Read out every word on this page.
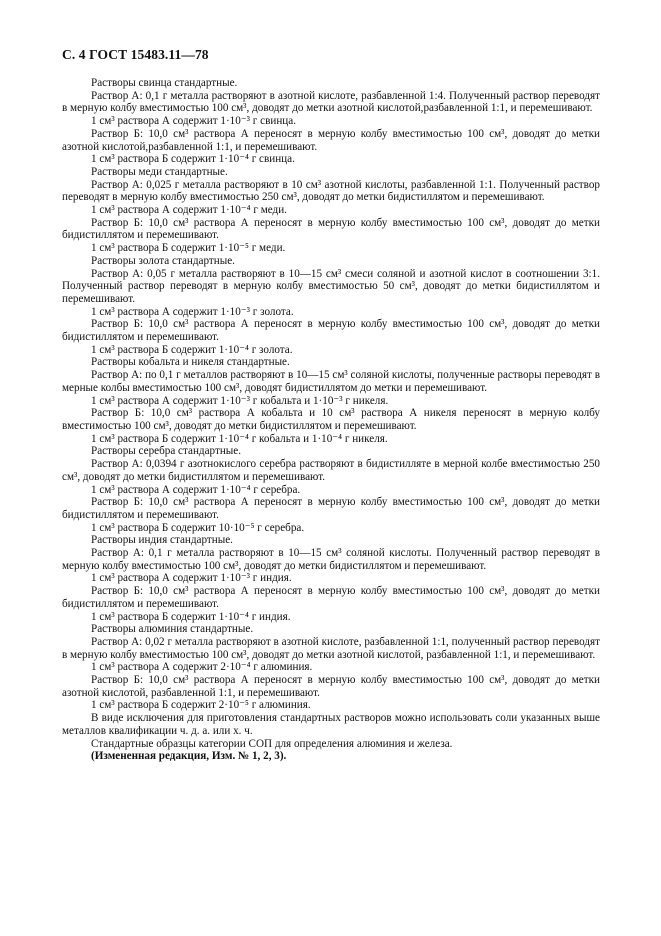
С. 4 ГОСТ 15483.11—78

Растворы свинца стандартные.

Раствор А: 0,1 г металла растворяют в азотной кислоте, разбавленной 1:4. Полученный раствор переводят в мерную колбу вместимостью 100 см³, доводят до метки азотной кислотой,разбавленной 1:1, и перемешивают.

1 см³ раствора А содержит 1·10⁻³ г свинца.

Раствор Б: 10,0 см³ раствора А переносят в мерную колбу вместимостью 100 см³, доводят до метки азотной кислотой,разбавленной 1:1, и перемешивают.

1 см³ раствора Б содержит 1·10⁻⁴ г свинца.

Растворы меди стандартные.

Раствор А: 0,025 г металла растворяют в 10 см³ азотной кислоты, разбавленной 1:1. Полученный раствор переводят в мерную колбу вместимостью 250 см³, доводят до метки бидистиллятом и перемешивают.

1 см³ раствора А содержит 1·10⁻⁴ г меди.

Раствор Б: 10,0 см³ раствора А переносят в мерную колбу вместимостью 100 см³, доводят до метки бидистиллятом и перемешивают.

1 см³ раствора Б содержит 1·10⁻⁵ г меди.

Растворы золота стандартные.

Раствор А: 0,05 г металла растворяют в 10—15 см³ смеси соляной и азотной кислот в соотношении 3:1. Полученный раствор переводят в мерную колбу вместимостью 50 см³, доводят до метки бидистиллятом и перемешивают.

1 см³ раствора А содержит 1·10⁻³ г золота.

Раствор Б: 10,0 см³ раствора А переносят в мерную колбу вместимостью 100 см³, доводят до метки бидистиллятом и перемешивают.

1 см³ раствора Б содержит 1·10⁻⁴ г золота.

Растворы кобальта и никеля стандартные.

Раствор А: по 0,1 г металлов растворяют в 10—15 см³ соляной кислоты, полученные растворы переводят в мерные колбы вместимостью 100 см³, доводят бидистиллятом до метки и перемешивают.

1 см³ раствора А содержит 1·10⁻³ г кобальта и 1·10⁻³ г никеля.

Раствор Б: 10,0 см³ раствора А кобальта и 10 см³ раствора А никеля переносят в мерную колбу вместимостью 100 см³, доводят до метки бидистиллятом и перемешивают.

1 см³ раствора Б содержит 1·10⁻⁴ г кобальта и 1·10⁻⁴ г никеля.

Растворы серебра стандартные.

Раствор А: 0,0394 г азотнокислого серебра растворяют в бидистилляте в мерной колбе вместимостью 250 см³, доводят до метки бидистиллятом и перемешивают.

1 см³ раствора А содержит 1·10⁻⁴ г серебра.

Раствор Б: 10,0 см³ раствора А переносят в мерную колбу вместимостью 100 см³, доводят до метки бидистиллятом и перемешивают.

1 см³ раствора Б содержит 10·10⁻⁵ г серебра.

Растворы индия стандартные.

Раствор А: 0,1 г металла растворяют в 10—15 см³ соляной кислоты. Полученный раствор переводят в мерную колбу вместимостью 100 см³, доводят до метки бидистиллятом и перемешивают.

1 см³ раствора А содержит 1·10⁻³ г индия.

Раствор Б: 10,0 см³ раствора А переносят в мерную колбу вместимостью 100 см³, доводят до метки бидистиллятом и перемешивают.

1 см³ раствора Б содержит 1·10⁻⁴ г индия.

Растворы алюминия стандартные.

Раствор А: 0,02 г металла растворяют в азотной кислоте, разбавленной 1:1, полученный раствор переводят в мерную колбу вместимостью 100 см³, доводят до метки азотной кислотой, разбавленной 1:1, и перемешивают.

1 см³ раствора А содержит 2·10⁻⁴ г алюминия.

Раствор Б: 10,0 см³ раствора А переносят в мерную колбу вместимостью 100 см³, доводят до метки азотной кислотой, разбавленной 1:1, и перемешивают.

1 см³ раствора Б содержит 2·10⁻⁵ г алюминия.

В виде исключения для приготовления стандартных растворов можно использовать соли указанных выше металлов квалификации ч. д. а. или х. ч.

Стандартные образцы категории СОП для определения алюминия и железа.

(Измененная редакция, Изм. № 1, 2, 3).
